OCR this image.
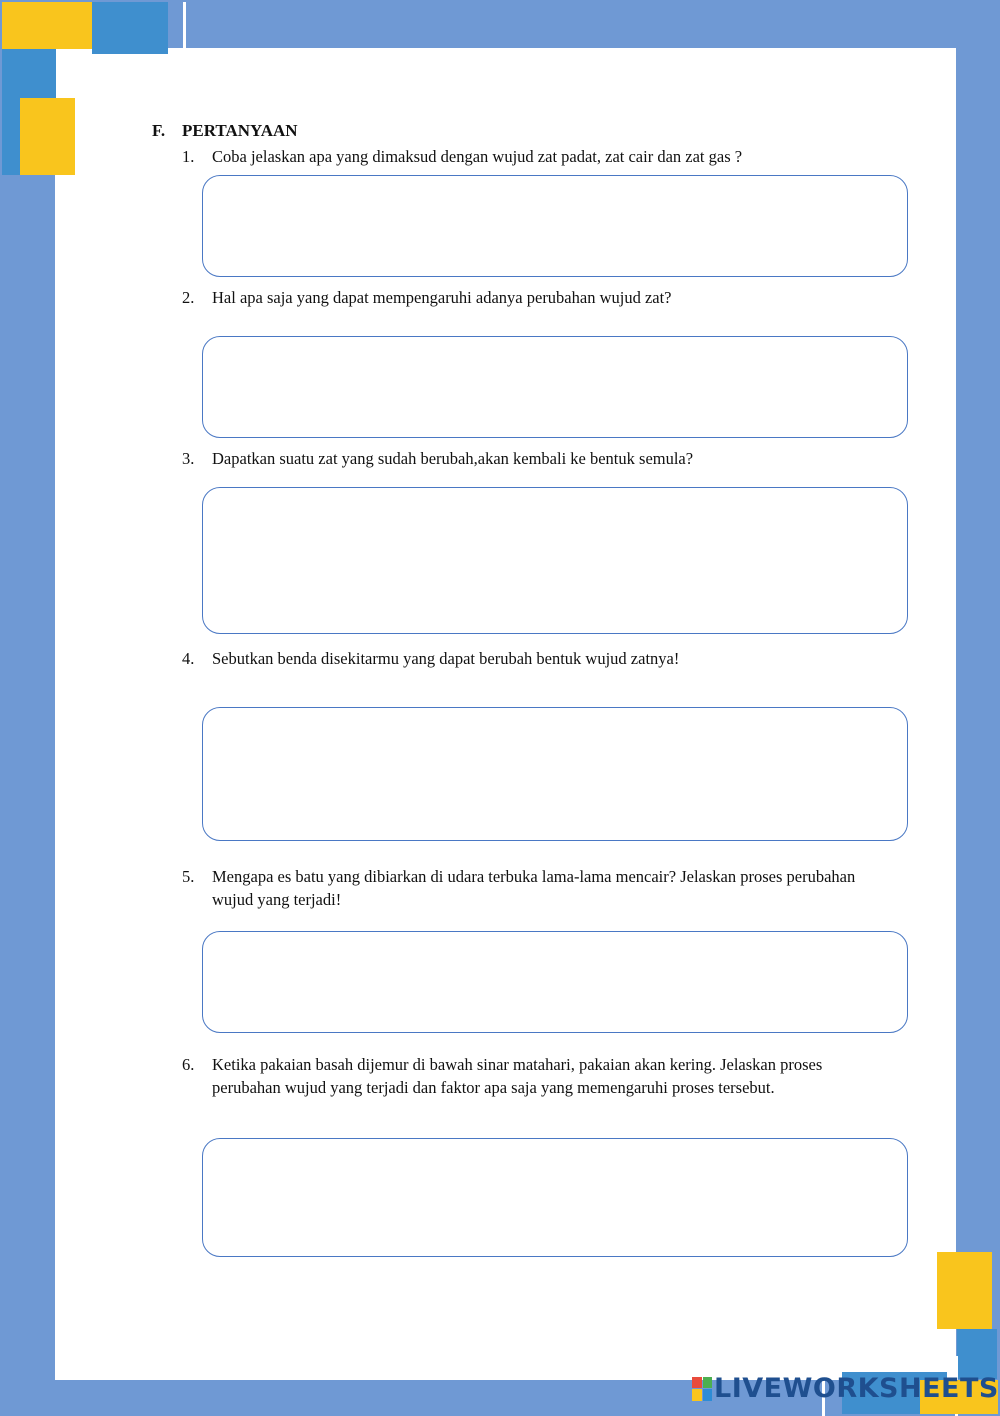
F. PERTANYAAN
1.	Coba jelaskan apa yang dimaksud dengan wujud zat padat, zat cair dan zat gas ?
2.	Hal apa saja yang dapat mempengaruhi adanya perubahan wujud zat?
3.	Dapatkan suatu zat yang sudah berubah,akan kembali ke bentuk semula?
4.	Sebutkan benda disekitarmu yang dapat berubah bentuk wujud zatnya!
5.	Mengapa es batu yang dibiarkan di udara terbuka lama-lama mencair? Jelaskan proses perubahan wujud yang terjadi!
6.	Ketika pakaian basah dijemur di bawah sinar matahari, pakaian akan kering. Jelaskan proses perubahan wujud yang terjadi dan faktor apa saja yang memengaruhi proses tersebut.
LIVEWORKSHEETS
